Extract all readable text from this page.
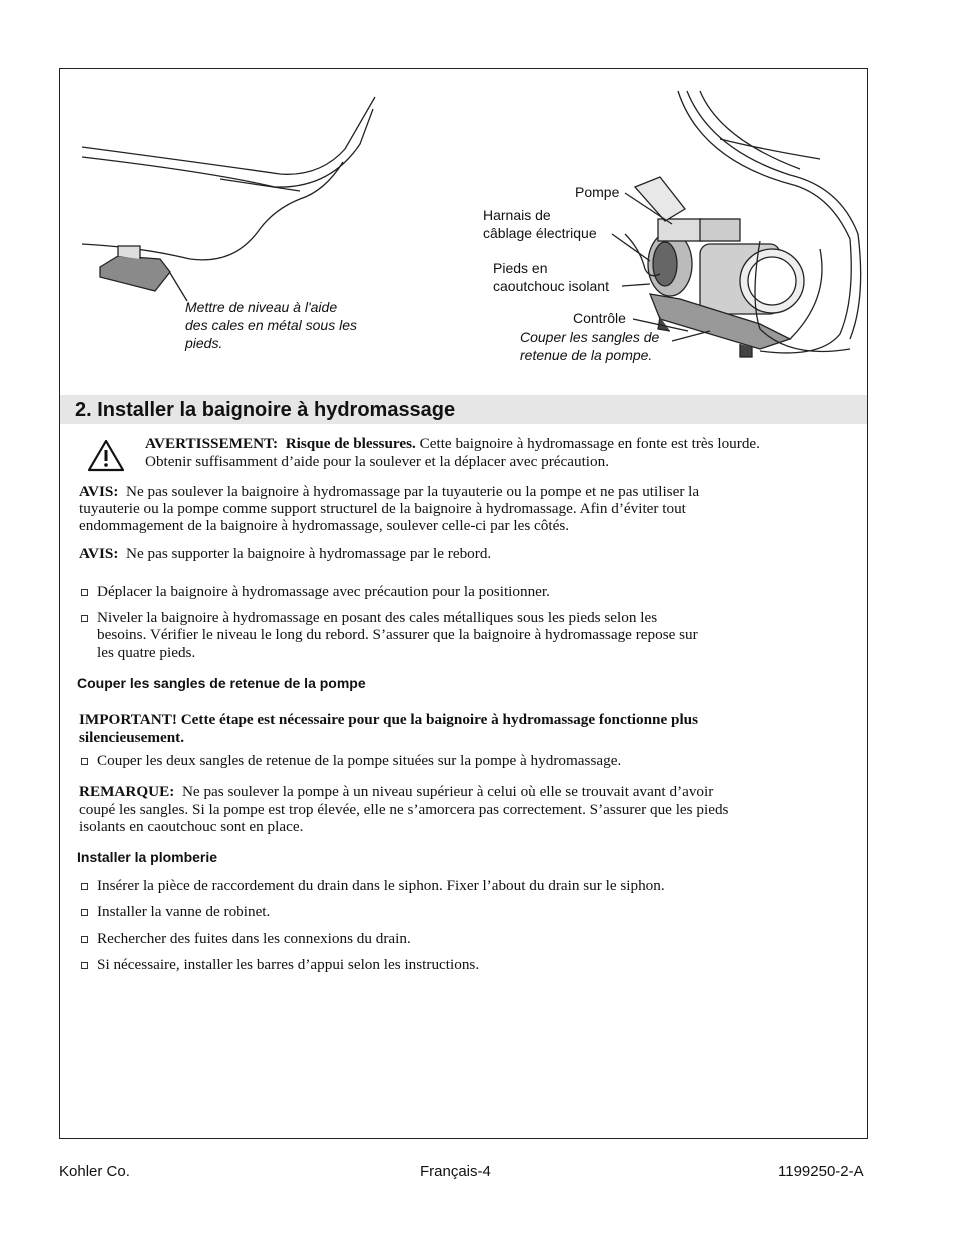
Mettre de niveau à l'aide
des cales en métal sous les
pieds.
Pompe
Harnais de
câblage électrique
Pieds en
caoutchouc isolant
Contrôle
Couper les sangles de
retenue de la pompe.
2. Installer la baignoire à hydromassage
AVERTISSEMENT: Risque de blessures. Cette baignoire à hydromassage en fonte est très lourde.
Obtenir suffisamment d’aide pour la soulever et la déplacer avec précaution.
AVIS: Ne pas soulever la baignoire à hydromassage par la tuyauterie ou la pompe et ne pas utiliser la
tuyauterie ou la pompe comme support structurel de la baignoire à hydromassage. Afin d’éviter tout
endommagement de la baignoire à hydromassage, soulever celle-ci par les côtés.
AVIS: Ne pas supporter la baignoire à hydromassage par le rebord.
Déplacer la baignoire à hydromassage avec précaution pour la positionner.
Niveler la baignoire à hydromassage en posant des cales métalliques sous les pieds selon les
besoins. Vérifier le niveau le long du rebord. S’assurer que la baignoire à hydromassage repose sur
les quatre pieds.
Couper les sangles de retenue de la pompe
IMPORTANT! Cette étape est nécessaire pour que la baignoire à hydromassage fonctionne plus
silencieusement.
Couper les deux sangles de retenue de la pompe situées sur la pompe à hydromassage.
REMARQUE: Ne pas soulever la pompe à un niveau supérieur à celui où elle se trouvait avant d’avoir
coupé les sangles. Si la pompe est trop élevée, elle ne s’amorcera pas correctement. S’assurer que les pieds
isolants en caoutchouc sont en place.
Installer la plomberie
Insérer la pièce de raccordement du drain dans le siphon. Fixer l’about du drain sur le siphon.
Installer la vanne de robinet.
Rechercher des fuites dans les connexions du drain.
Si nécessaire, installer les barres d’appui selon les instructions.
Kohler Co.	Français-4	1199250-2-A
